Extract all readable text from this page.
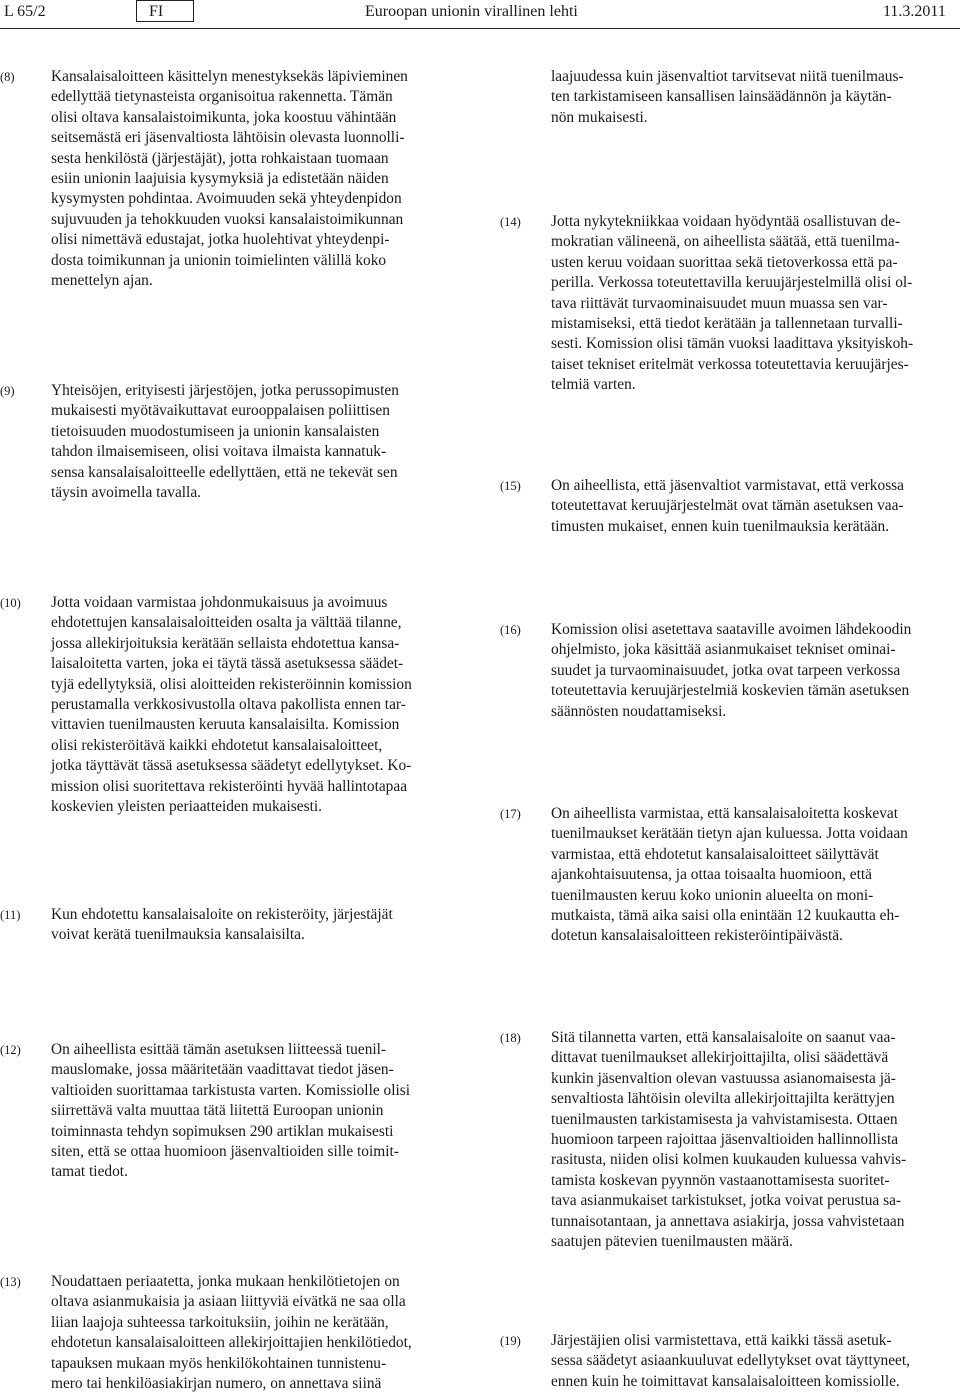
L 65/2	FI	Euroopan unionin virallinen lehti	11.3.2011
(8) Kansalaisaloitteen käsittelyn menestyksekäs läpivieminen
edellyttää tietynasteista organisoitua rakennetta. Tämän
olisi oltava kansalaistoimikunta, joka koostuu vähintään
seitsemästä eri jäsenvaltiosta lähtöisin olevasta luonnolli-
sesta henkilöstä (järjestäjät), jotta rohkaistaan tuomaan
esiin unionin laajuisia kysymyksiä ja edistetään näiden
kysymysten pohdintaa. Avoimuuden sekä yhteydenpidon
sujuvuuden ja tehokkuuden vuoksi kansalaistoimikunnan
olisi nimettävä edustajat, jotka huolehtivat yhteydenpi-
dosta toimikunnan ja unionin toimielinten välillä koko
menettelyn ajan.
(9) Yhteisöjen, erityisesti järjestöjen, jotka perussopimusten
mukaisesti myötävaikuttavat eurooppalaisen poliittisen
tietoisuuden muodostumiseen ja unionin kansalaisten
tahdon ilmaisemiseen, olisi voitava ilmaista kannatuk-
sensa kansalaisaloitteelle edellyttäen, että ne tekevät sen
täysin avoimella tavalla.
(10) Jotta voidaan varmistaa johdonmukaisuus ja avoimuus
ehdotettujen kansalaisaloitteiden osalta ja välttää tilanne,
jossa allekirjoituksia kerätään sellaista ehdotettua kansa-
laisaloitetta varten, joka ei täytä tässä asetuksessa säädet-
tyjä edellytyksiä, olisi aloitteiden rekisteröinnin komission
perustamalla verkkosivustolla oltava pakollista ennen tar-
vittavien tuenilmausten keruuta kansalaisilta. Komission
olisi rekisteröitävä kaikki ehdotetut kansalaisaloitteet,
jotka täyttävät tässä asetuksessa säädetyt edellytykset. Ko-
mission olisi suoritettava rekisteröinti hyvää hallintotapaa
koskevien yleisten periaatteiden mukaisesti.
(11) Kun ehdotettu kansalaisaloite on rekisteröity, järjestäjät
voivat kerätä tuenilmauksia kansalaisilta.
(12) On aiheellista esittää tämän asetuksen liitteessä tuenil-
mauslomake, jossa määritetään vaadittavat tiedot jäsen-
valtioiden suorittamaa tarkistusta varten. Komissiolle olisi
siirrettävä valta muuttaa tätä liitettä Euroopan unionin
toiminnasta tehdyn sopimuksen 290 artiklan mukaisesti
siten, että se ottaa huomioon jäsenvaltioiden sille toimit-
tamat tiedot.
(13) Noudattaen periaatetta, jonka mukaan henkilötietojen on
oltava asianmukaisia ja asiaan liittyviä eivätkä ne saa olla
liian laajoja suhteessa tarkoituksiin, joihin ne kerätään,
ehdotetun kansalaisaloitteen allekirjoittajien henkilötiedot,
tapauksen mukaan myös henkilökohtainen tunnistenu-
mero tai henkilöasiakirjan numero, on annettava siinä
laajuudessa kuin jäsenvaltiot tarvitsevat niitä tuenilmaus-
ten tarkistamiseen kansallisen lainsäädännön ja käytän-
nön mukaisesti.
(14) Jotta nykytekniikkaa voidaan hyödyntää osallistuvan de-
mokratian välineenä, on aiheellista säätää, että tuenilma-
usten keruu voidaan suorittaa sekä tietoverkossa että pa-
perilla. Verkossa toteutettavilla keruujärjestelmillä olisi ol-
tava riittävät turvaominaisuudet muun muassa sen var-
mistamiseksi, että tiedot kerätään ja tallennetaan turvalli-
sesti. Komission olisi tämän vuoksi laadittava yksityiskoh-
taiset tekniset eritelmät verkossa toteutettavia keruujärjes-
telmiä varten.
(15) On aiheellista, että jäsenvaltiot varmistavat, että verkossa
toteutettavat keruujärjestelmät ovat tämän asetuksen vaa-
timusten mukaiset, ennen kuin tuenilmauksia kerätään.
(16) Komission olisi asetettava saataville avoimen lähdekoodin
ohjelmisto, joka käsittää asianmukaiset tekniset ominai-
suudet ja turvaominaisuudet, jotka ovat tarpeen verkossa
toteutettavia keruujärjestelmiä koskevien tämän asetuksen
säännösten noudattamiseksi.
(17) On aiheellista varmistaa, että kansalaisaloitetta koskevat
tuenilmaukset kerätään tietyn ajan kuluessa. Jotta voidaan
varmistaa, että ehdotetut kansalaisaloitteet säilyttävät
ajankohtaisuutensa, ja ottaa toisaalta huomioon, että
tuenilmausten keruu koko unionin alueelta on moni-
mutkaista, tämä aika saisi olla enintään 12 kuukautta eh-
dotetun kansalaisaloitteen rekisteröintipäivästä.
(18) Sitä tilannetta varten, että kansalaisaloite on saanut vaa-
dittavat tuenilmaukset allekirjoittajilta, olisi säädettävä
kunkin jäsenvaltion olevan vastuussa asianomaisesta jä-
senvaltiosta lähtöisin olevilta allekirjoittajilta kerättyjen
tuenilmausten tarkistamisesta ja vahvistamisesta. Ottaen
huomioon tarpeen rajoittaa jäsenvaltioiden hallinnollista
rasitusta, niiden olisi kolmen kuukauden kuluessa vahvis-
tamista koskevan pyynnön vastaanottamisesta suoritet-
tava asianmukaiset tarkistukset, jotka voivat perustua sa-
tunnaisotantaan, ja annettava asiakirja, jossa vahvistetaan
saatujen pätevien tuenilmausten määrä.
(19) Järjestäjien olisi varmistettava, että kaikki tässä asetuk-
sessa säädetyt asiaankuuluvat edellytykset ovat täyttyneet,
ennen kuin he toimittavat kansalaisaloitteen komissiolle.
